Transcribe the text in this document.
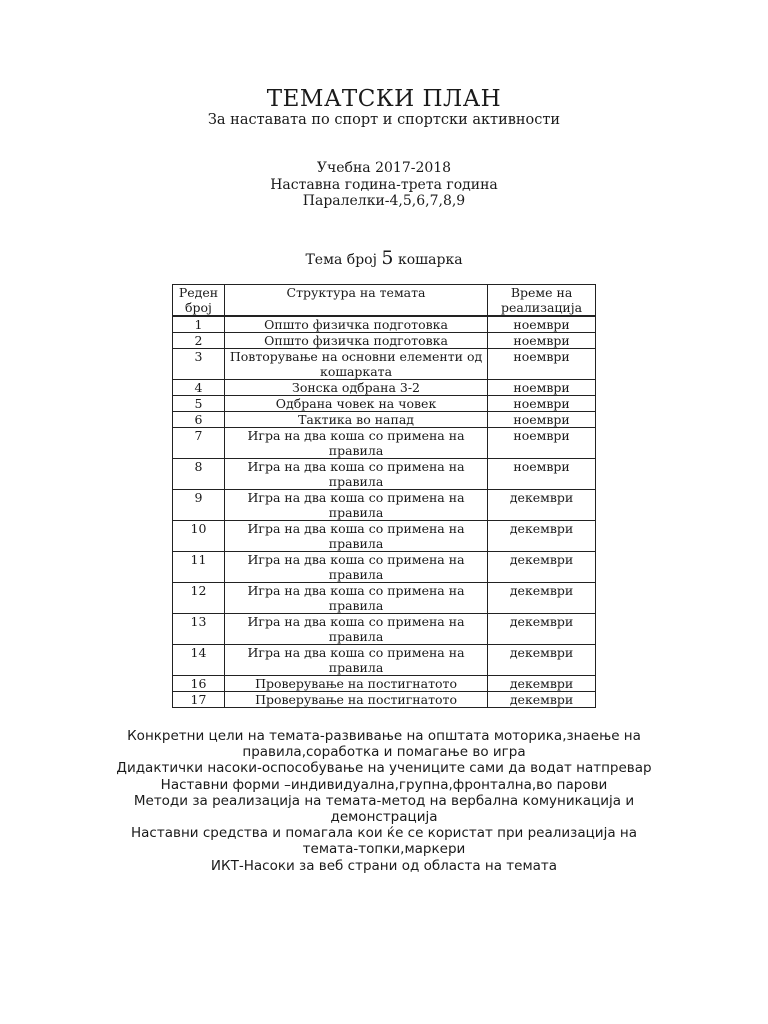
ТЕМАТСКИ ПЛАН
За наставата по спорт и спортски активности
Учебна 2017-2018
Наставна година-трета година
Паралелки-4,5,6,7,8,9
Тема број 5 кошарка
Реден број	Структура на темата	Време на реализација
1	Општо физичка подготовка	ноември
2	Општо физичка подготовка	ноември
3	Повторување на основни елементи од кошарката	ноември
4	Зонска одбрана 3-2	ноември
5	Одбрана човек на човек	ноември
6	Тактика во напад	ноември
7	Игра на два коша со примена на правила	ноември
8	Игра на два коша со примена на правила	ноември
9	Игра на два коша со примена на правила	декември
10	Игра на два коша со примена на правила	декември
11	Игра на два коша со примена на правила	декември
12	Игра на два коша со примена на правила	декември
13	Игра на два коша со примена на правила	декември
14	Игра на два коша со примена на правила	декември
16	Проверување на постигнатото	декември
17	Проверување на постигнатото	декември

Конкретни цели на темата-развивање на општата моторика,знаење на правила,соработка и помагање во игра

Дидактички насоки-оспособување на учениците сами да водат натпревар

Наставни форми –индивидуална,групна,фронтална,во парови

Методи за реализација на темата-метод на вербална комуникација и демонстрација

Наставни средства и помагала кои ќе се користат при реализација на темата-топки,маркери

ИКТ-Насоки за веб страни од областа на темата
